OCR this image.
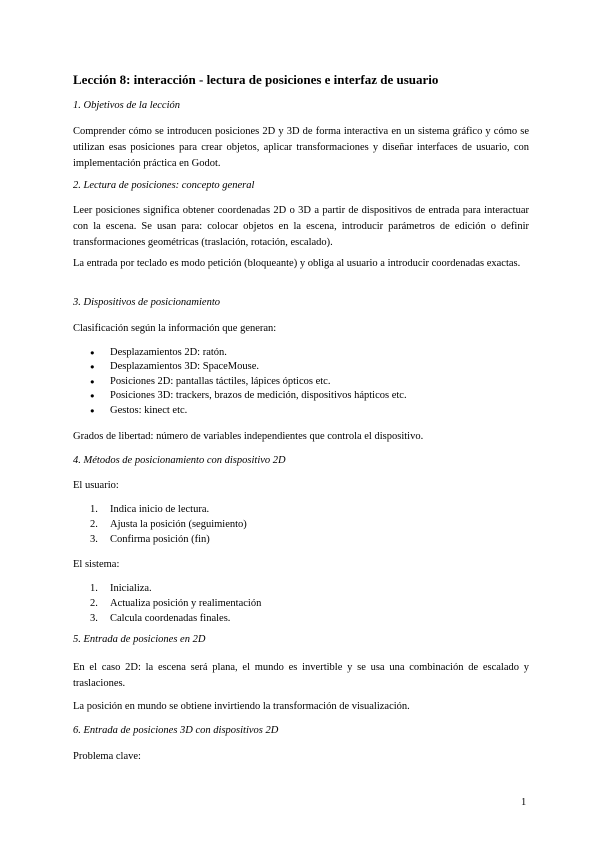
Lección 8: interacción - lectura de posiciones e interfaz de usuario
1. Objetivos de la lección
Comprender cómo se introducen posiciones 2D y 3D de forma interactiva en un sistema gráfico y cómo se utilizan esas posiciones para crear objetos, aplicar transformaciones y diseñar interfaces de usuario, con implementación práctica en Godot.
2. Lectura de posiciones: concepto general
Leer posiciones significa obtener coordenadas 2D o 3D a partir de dispositivos de entrada para interactuar con la escena. Se usan para: colocar objetos en la escena, introducir parámetros de edición o definir transformaciones geométricas (traslación, rotación, escalado).
La entrada por teclado es modo petición (bloqueante) y obliga al usuario a introducir coordenadas exactas.
3. Dispositivos de posicionamiento
Clasificación según la información que generan:
● Desplazamientos 2D: ratón.
● Desplazamientos 3D: SpaceMouse.
● Posiciones 2D: pantallas táctiles, lápices ópticos etc.
● Posiciones 3D: trackers, brazos de medición, dispositivos hápticos etc.
● Gestos: kinect etc.
Grados de libertad: número de variables independientes que controla el dispositivo.
4. Métodos de posicionamiento con dispositivo 2D
El usuario:
1. Indica inicio de lectura.
2. Ajusta la posición (seguimiento)
3. Confirma posición (fin)
El sistema:
1. Inicializa.
2. Actualiza posición y realimentación
3. Calcula coordenadas finales.
5. Entrada de posiciones en 2D
En el caso 2D: la escena será plana, el mundo es invertible y se usa una combinación de escalado y traslaciones.
La posición en mundo se obtiene invirtiendo la transformación de visualización.
6. Entrada de posiciones 3D con dispositivos 2D
Problema clave:
1
